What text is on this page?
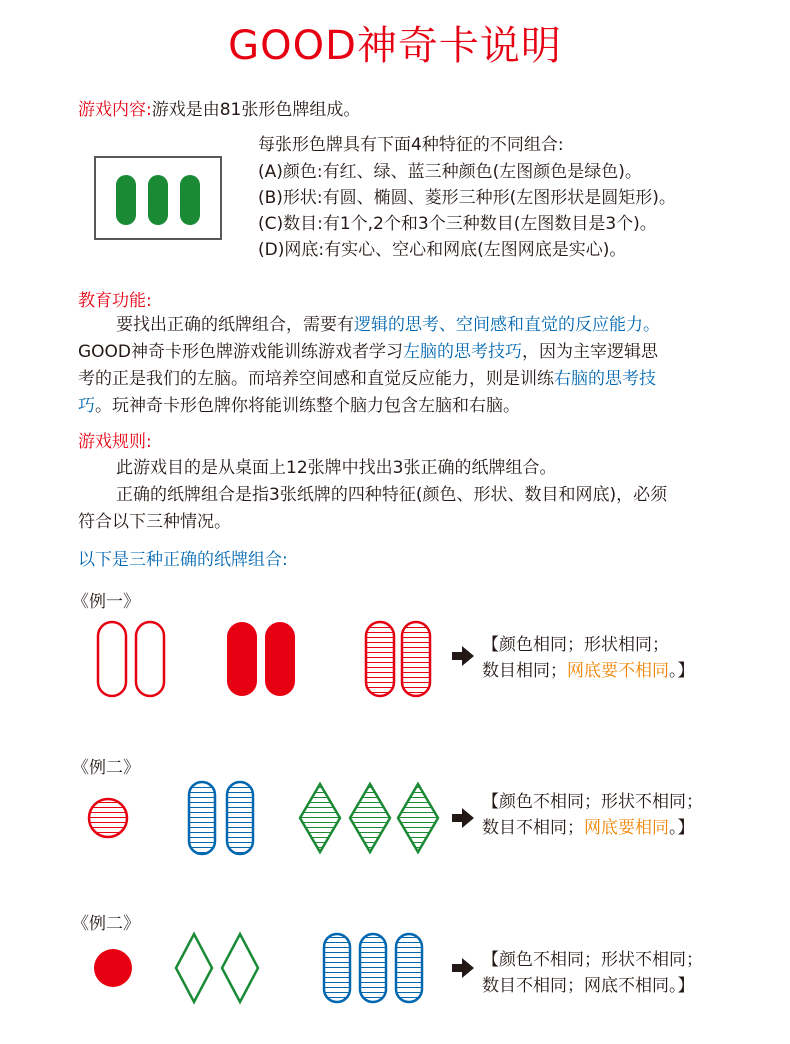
GOOD神奇卡说明
游戏内容:游戏是由81张形色牌组成。
每张形色牌具有下面4种特征的不同组合:
(A)颜色:有红、绿、蓝三种颜色(左图颜色是绿色)。
(B)形状:有圆、椭圆、菱形三种形(左图形状是圆矩形)。
(C)数目:有1个,2个和3个三种数目(左图数目是3个)。
(D)网底:有实心、空心和网底(左图网底是实心)。
教育功能:
要找出正确的纸牌组合，需要有逻辑的思考、空间感和直觉的反应能力。
GOOD神奇卡形色牌游戏能训练游戏者学习左脑的思考技巧，因为主宰逻辑思
考的正是我们的左脑。而培养空间感和直觉反应能力，则是训练右脑的思考技
巧。玩神奇卡形色牌你将能训练整个脑力包含左脑和右脑。
游戏规则:
此游戏目的是从桌面上12张牌中找出3张正确的纸牌组合。
正确的纸牌组合是指3张纸牌的四种特征(颜色、形状、数目和网底)，必须
符合以下三种情况。
以下是三种正确的纸牌组合:
《例一》
【颜色相同；形状相同；
数目相同；网底要不相同。】
《例二》
【颜色不相同；形状不相同；
数目不相同；网底要相同。】
《例二》
【颜色不相同；形状不相同；
数目不相同；网底不相同。】
